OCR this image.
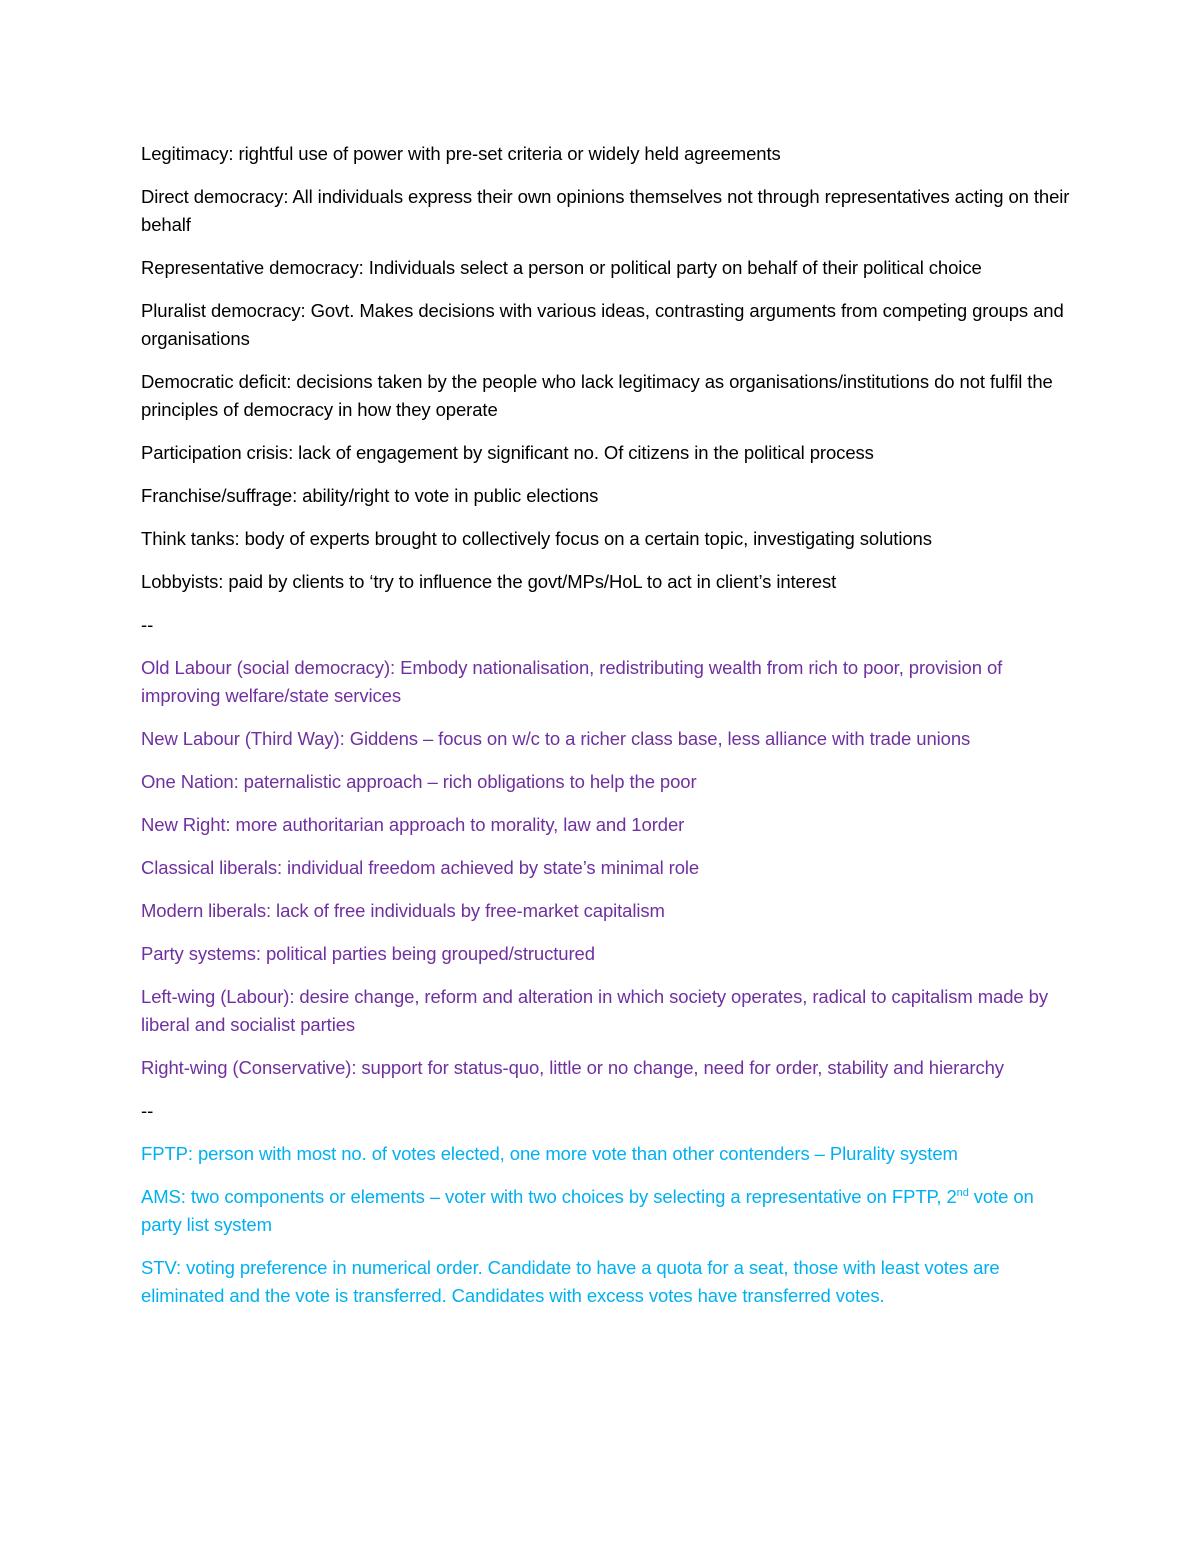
Legitimacy: rightful use of power with pre-set criteria or widely held agreements

Direct democracy: All individuals express their own opinions themselves not through representatives acting on their behalf

Representative democracy: Individuals select a person or political party on behalf of their political choice

Pluralist democracy: Govt. Makes decisions with various ideas, contrasting arguments from competing groups and organisations

Democratic deficit: decisions taken by the people who lack legitimacy as organisations/institutions do not fulfil the principles of democracy in how they operate

Participation crisis: lack of engagement by significant no. Of citizens in the political process

Franchise/suffrage: ability/right to vote in public elections

Think tanks: body of experts brought to collectively focus on a certain topic, investigating solutions

Lobbyists: paid by clients to ‘try to influence the govt/MPs/HoL to act in client’s interest

--

Old Labour (social democracy): Embody nationalisation, redistributing wealth from rich to poor, provision of improving welfare/state services

New Labour (Third Way): Giddens – focus on w/c to a richer class base, less alliance with trade unions

One Nation: paternalistic approach – rich obligations to help the poor

New Right: more authoritarian approach to morality, law and 1order

Classical liberals: individual freedom achieved by state’s minimal role

Modern liberals: lack of free individuals by free-market capitalism

Party systems: political parties being grouped/structured

Left-wing (Labour): desire change, reform and alteration in which society operates, radical to capitalism made by liberal and socialist parties

Right-wing (Conservative): support for status-quo, little or no change, need for order, stability and hierarchy

--

FPTP: person with most no. of votes elected, one more vote than other contenders – Plurality system

AMS: two components or elements – voter with two choices by selecting a representative on FPTP, 2nd vote on party list system

STV: voting preference in numerical order. Candidate to have a quota for a seat, those with least votes are eliminated and the vote is transferred. Candidates with excess votes have transferred votes.
